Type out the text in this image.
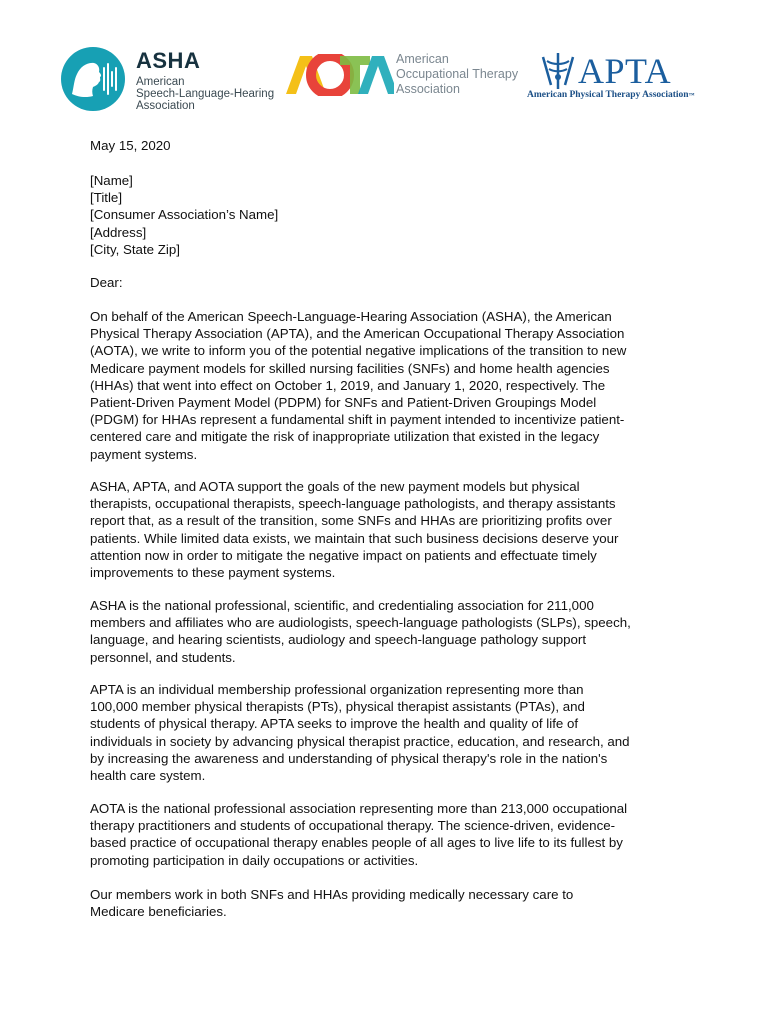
ASHA
American
Speech-Language-Hearing
Association
American
Occupational Therapy
Association	APTA
American Physical Therapy Association™
May 15, 2020
[Name]
[Title]
[Consumer Association’s Name]
[Address]
[City, State Zip]
Dear:
On behalf of the American Speech-Language-Hearing Association (ASHA), the American
Physical Therapy Association (APTA), and the American Occupational Therapy Association
(AOTA), we write to inform you of the potential negative implications of the transition to new
Medicare payment models for skilled nursing facilities (SNFs) and home health agencies
(HHAs) that went into effect on October 1, 2019, and January 1, 2020, respectively. The
Patient-Driven Payment Model (PDPM) for SNFs and Patient-Driven Groupings Model
(PDGM) for HHAs represent a fundamental shift in payment intended to incentivize patient-
centered care and mitigate the risk of inappropriate utilization that existed in the legacy
payment systems.
ASHA, APTA, and AOTA support the goals of the new payment models but physical
therapists, occupational therapists, speech-language pathologists, and therapy assistants
report that, as a result of the transition, some SNFs and HHAs are prioritizing profits over
patients. While limited data exists, we maintain that such business decisions deserve your
attention now in order to mitigate the negative impact on patients and effectuate timely
improvements to these payment systems.
ASHA is the national professional, scientific, and credentialing association for 211,000
members and affiliates who are audiologists, speech-language pathologists (SLPs), speech,
language, and hearing scientists, audiology and speech-language pathology support
personnel, and students.
APTA is an individual membership professional organization representing more than
100,000 member physical therapists (PTs), physical therapist assistants (PTAs), and
students of physical therapy. APTA seeks to improve the health and quality of life of
individuals in society by advancing physical therapist practice, education, and research, and
by increasing the awareness and understanding of physical therapy's role in the nation's
health care system.
AOTA is the national professional association representing more than 213,000 occupational
therapy practitioners and students of occupational therapy. The science-driven, evidence-
based practice of occupational therapy enables people of all ages to live life to its fullest by
promoting participation in daily occupations or activities.
Our members work in both SNFs and HHAs providing medically necessary care to
Medicare beneficiaries.
